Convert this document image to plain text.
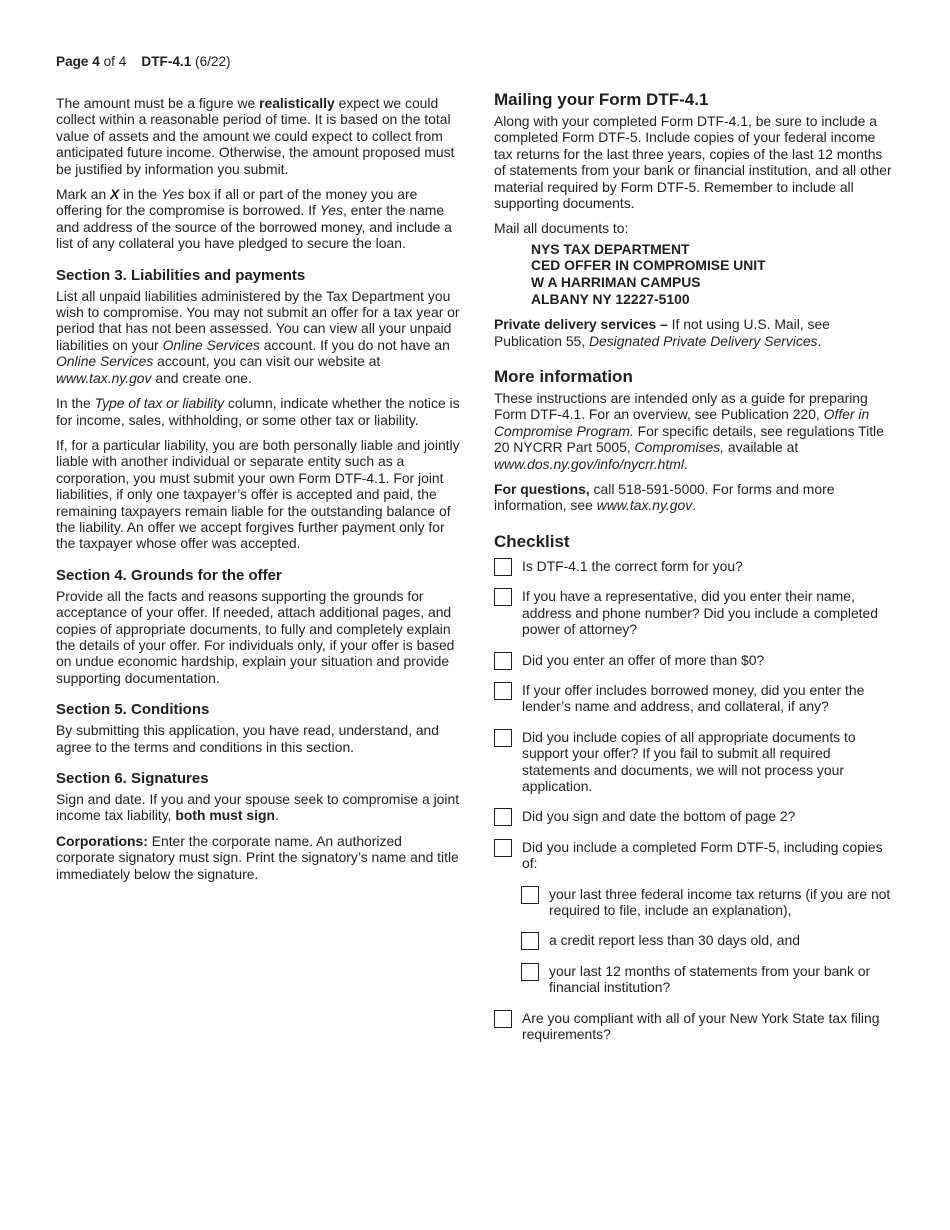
Page 4 of 4 DTF-4.1 (6/22)

The amount must be a figure we realistically expect we could collect within a reasonable period of time. It is based on the total value of assets and the amount we could expect to collect from anticipated future income. Otherwise, the amount proposed must be justified by information you submit.

Mark an X in the Yes box if all or part of the money you are offering for the compromise is borrowed. If Yes, enter the name and address of the source of the borrowed money, and include a list of any collateral you have pledged to secure the loan.

Section 3. Liabilities and payments

List all unpaid liabilities administered by the Tax Department you wish to compromise. You may not submit an offer for a tax year or period that has not been assessed. You can view all your unpaid liabilities on your Online Services account. If you do not have an Online Services account, you can visit our website at www.tax.ny.gov and create one.

In the Type of tax or liability column, indicate whether the notice is for income, sales, withholding, or some other tax or liability.

If, for a particular liability, you are both personally liable and jointly liable with another individual or separate entity such as a corporation, you must submit your own Form DTF-4.1. For joint liabilities, if only one taxpayer’s offer is accepted and paid, the remaining taxpayers remain liable for the outstanding balance of the liability. An offer we accept forgives further payment only for the taxpayer whose offer was accepted.

Section 4. Grounds for the offer

Provide all the facts and reasons supporting the grounds for acceptance of your offer. If needed, attach additional pages, and copies of appropriate documents, to fully and completely explain the details of your offer. For individuals only, if your offer is based on undue economic hardship, explain your situation and provide supporting documentation.

Section 5. Conditions

By submitting this application, you have read, understand, and agree to the terms and conditions in this section.

Section 6. Signatures

Sign and date. If you and your spouse seek to compromise a joint income tax liability, both must sign.

Corporations: Enter the corporate name. An authorized corporate signatory must sign. Print the signatory’s name and title immediately below the signature.

Mailing your Form DTF-4.1

Along with your completed Form DTF-4.1, be sure to include a completed Form DTF-5. Include copies of your federal income tax returns for the last three years, copies of the last 12 months of statements from your bank or financial institution, and all other material required by Form DTF-5. Remember to include all supporting documents.

Mail all documents to:

NYS TAX DEPARTMENT
CED OFFER IN COMPROMISE UNIT
W A HARRIMAN CAMPUS
ALBANY NY 12227-5100

Private delivery services – If not using U.S. Mail, see Publication 55, Designated Private Delivery Services.

More information

These instructions are intended only as a guide for preparing Form DTF-4.1. For an overview, see Publication 220, Offer in Compromise Program. For specific details, see regulations Title 20 NYCRR Part 5005, Compromises, available at www.dos.ny.gov/info/nycrr.html.

For questions, call 518-591-5000. For forms and more information, see www.tax.ny.gov.

Checklist
Is DTF-4.1 the correct form for you?
If you have a representative, did you enter their name, address and phone number? Did you include a completed power of attorney?
Did you enter an offer of more than $0?
If your offer includes borrowed money, did you enter the lender’s name and address, and collateral, if any?
Did you include copies of all appropriate documents to support your offer? If you fail to submit all required statements and documents, we will not process your application.
Did you sign and date the bottom of page 2?
Did you include a completed Form DTF-5, including copies of:
your last three federal income tax returns (if you are not required to file, include an explanation),
a credit report less than 30 days old, and
your last 12 months of statements from your bank or financial institution?
Are you compliant with all of your New York State tax filing requirements?
